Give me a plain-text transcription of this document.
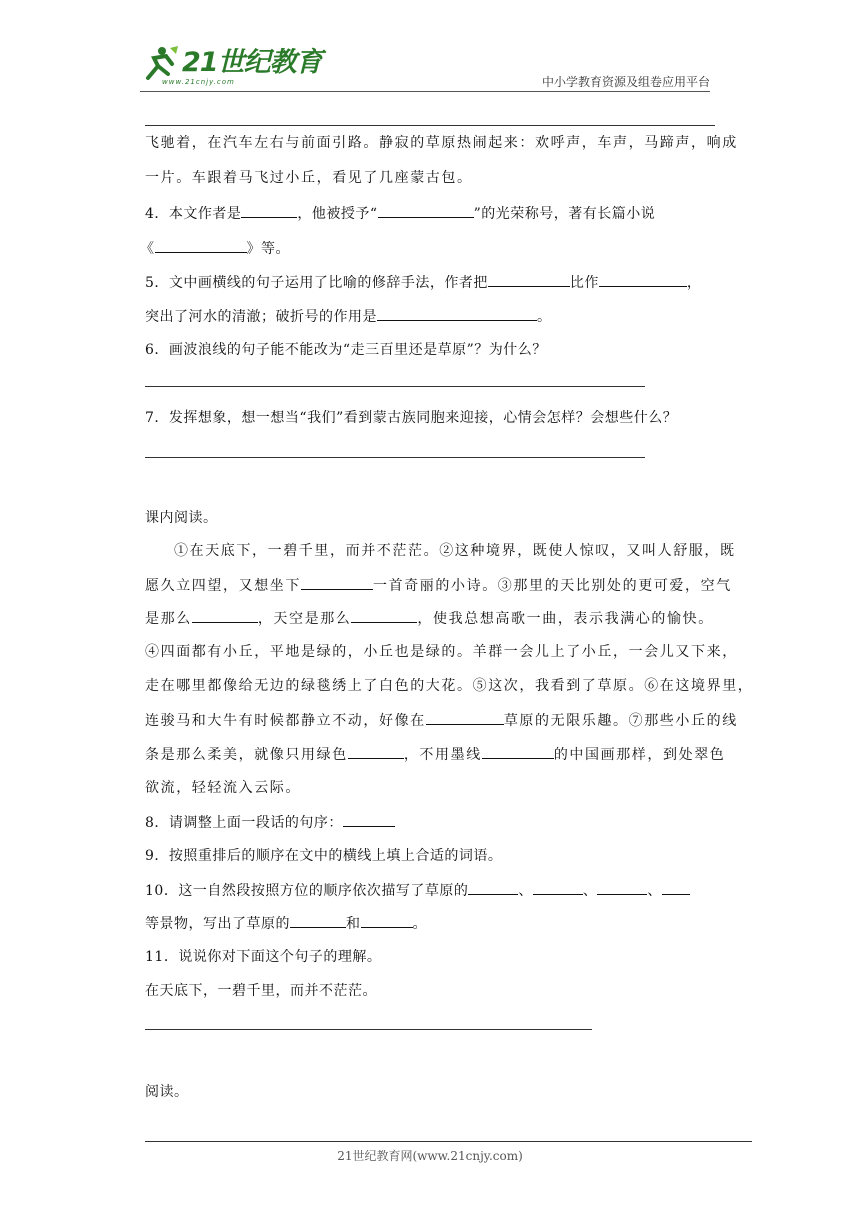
21世纪教育
www.21cnjy.com	中小学教育资源及组卷应用平台
飞驰着，在汽车左右与前面引路。静寂的草原热闹起来：欢呼声，车声，马蹄声，响成
一片。车跟着马飞过小丘，看见了几座蒙古包。
4．本文作者是	，他被授予“	”的光荣称号，著有长篇小说
《	》等。
5．文中画横线的句子运用了比喻的修辞手法，作者把	比作	，
突出了河水的清澈；破折号的作用是	。
6．画波浪线的句子能不能改为“走三百里还是草原”？为什么？
7．发挥想象，想一想当“我们”看到蒙古族同胞来迎接，心情会怎样？会想些什么？
课内阅读。
①在天底下，一碧千里，而并不茫茫。②这种境界，既使人惊叹，又叫人舒服，既
愿久立四望，又想坐下	一首奇丽的小诗。③那里的天比别处的更可爱，空气
是那么	，天空是那么	，使我总想高歌一曲，表示我满心的愉快。
④四面都有小丘，平地是绿的，小丘也是绿的。羊群一会儿上了小丘，一会儿又下来，
走在哪里都像给无边的绿毯绣上了白色的大花。⑤这次，我看到了草原。⑥在这境界里，
连骏马和大牛有时候都静立不动，好像在	草原的无限乐趣。⑦那些小丘的线
条是那么柔美，就像只用绿色	，不用墨线	的中国画那样，到处翠色
欲流，轻轻流入云际。
8．请调整上面一段话的句序：
9．按照重排后的顺序在文中的横线上填上合适的词语。
10．这一自然段按照方位的顺序依次描写了草原的	、	、	、
等景物，写出了草原的	和	。
11．说说你对下面这个句子的理解。
在天底下，一碧千里，而并不茫茫。
阅读。
21世纪教育网(www.21cnjy.com)
